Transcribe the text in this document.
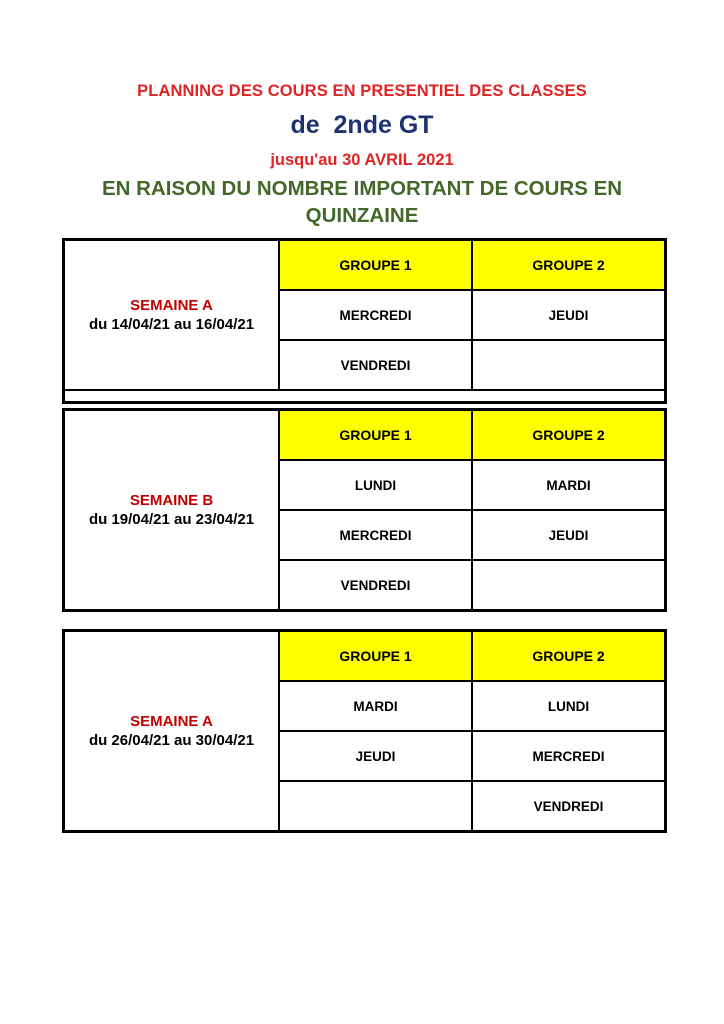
PLANNING DES COURS EN PRESENTIEL DES CLASSES
de  2nde GT
jusqu'au 30 AVRIL 2021
EN RAISON DU NOMBRE IMPORTANT DE COURS EN QUINZAINE
SEMAINE A
du 14/04/21 au 16/04/21	GROUPE 1	GROUPE 2
	MERCREDI	JEUDI
	VENDREDI	

SEMAINE B
du 19/04/21 au 23/04/21	GROUPE 1	GROUPE 2
	LUNDI	MARDI
	MERCREDI	JEUDI
	VENDREDI	
SEMAINE A
du 26/04/21 au 30/04/21	GROUPE 1	GROUPE 2
	MARDI	LUNDI
	JEUDI	MERCREDI
		VENDREDI
